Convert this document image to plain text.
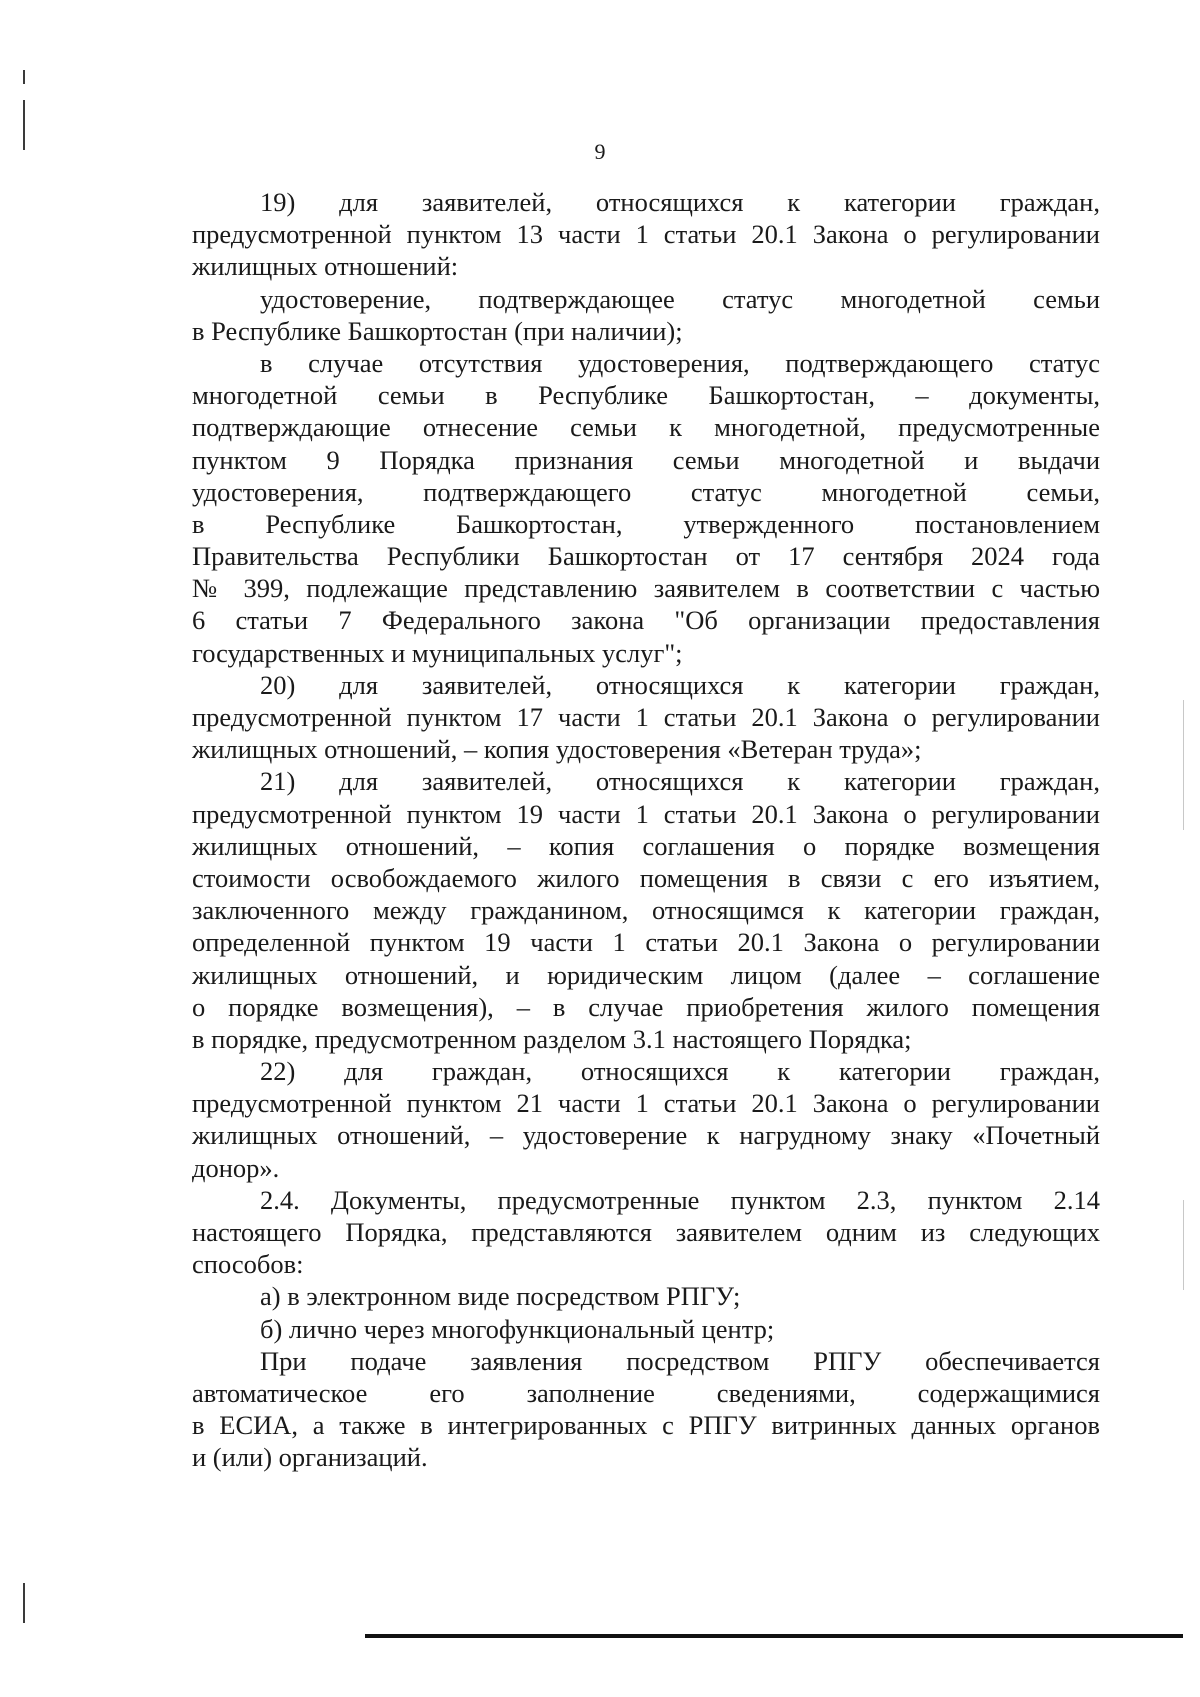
9
19) для заявителей, относящихся к категории граждан,
предусмотренной пунктом 13 части 1 статьи 20.1 Закона о регулировании
жилищных отношений:
удостоверение, подтверждающее статус многодетной семьи
в Республике Башкортостан (при наличии);
в случае отсутствия удостоверения, подтверждающего статус
многодетной семьи в Республике Башкортостан, – документы,
подтверждающие отнесение семьи к многодетной, предусмотренные
пунктом 9 Порядка признания семьи многодетной и выдачи
удостоверения, подтверждающего статус многодетной семьи,
в Республике Башкортостан, утвержденного постановлением
Правительства Республики Башкортостан от 17 сентября 2024 года
№ 399, подлежащие представлению заявителем в соответствии с частью
6 статьи 7 Федерального закона "Об организации предоставления
государственных и муниципальных услуг";
20) для заявителей, относящихся к категории граждан,
предусмотренной пунктом 17 части 1 статьи 20.1 Закона о регулировании
жилищных отношений, – копия удостоверения «Ветеран труда»;
21) для заявителей, относящихся к категории граждан,
предусмотренной пунктом 19 части 1 статьи 20.1 Закона о регулировании
жилищных отношений, – копия соглашения о порядке возмещения
стоимости освобождаемого жилого помещения в связи с его изъятием,
заключенного между гражданином, относящимся к категории граждан,
определенной пунктом 19 части 1 статьи 20.1 Закона о регулировании
жилищных отношений, и юридическим лицом (далее – соглашение
о порядке возмещения), – в случае приобретения жилого помещения
в порядке, предусмотренном разделом 3.1 настоящего Порядка;
22) для граждан, относящихся к категории граждан,
предусмотренной пунктом 21 части 1 статьи 20.1 Закона о регулировании
жилищных отношений, – удостоверение к нагрудному знаку «Почетный
донор».
2.4. Документы, предусмотренные пунктом 2.3, пунктом 2.14
настоящего Порядка, представляются заявителем одним из следующих
способов:
а) в электронном виде посредством РПГУ;
б) лично через многофункциональный центр;
При подаче заявления посредством РПГУ обеспечивается
автоматическое его заполнение сведениями, содержащимися
в ЕСИА, а также в интегрированных с РПГУ витринных данных органов
и (или) организаций.
